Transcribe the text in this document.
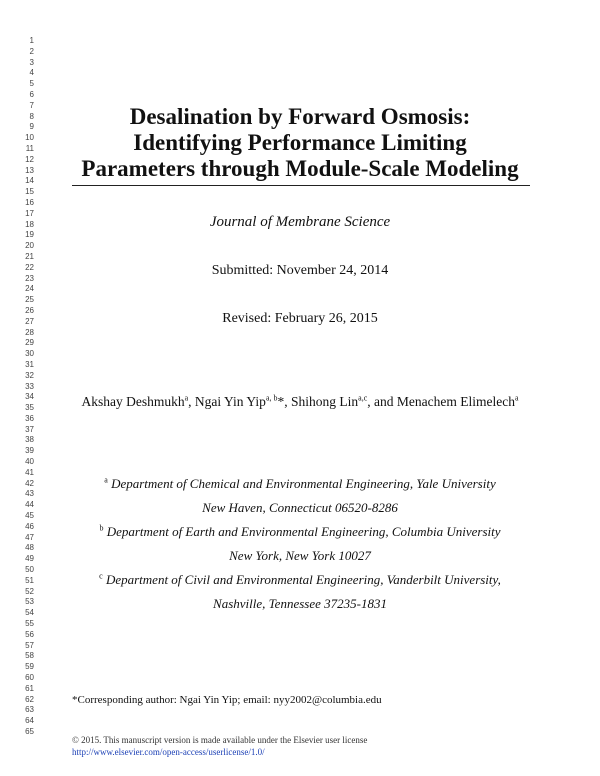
1
2
3
4
5
6
7
8
9
10
11
12
13
14
15
16
17
18
19
20
21
22
23
24
25
26
27
28
29
30
31
32
33
34
35
36
37
38
39
40
41
42
43
44
45
46
47
48
49
50
51
52
53
54
55
56
57
58
59
60
61
62
63
64
65
Desalination by Forward Osmosis:
Identifying Performance Limiting
Parameters through Module-Scale Modeling
Journal of Membrane Science
Submitted: November 24, 2014
Revised: February 26, 2015
Akshay Deshmukh$^a$, Ngai Yin Yip$^{a, b}$*, Shihong Lin$^{a,c}$, and Menachem Elimelech$^a$
$^a$ Department of Chemical and Environmental Engineering, Yale University
New Haven, Connecticut 06520-8286
$^b$ Department of Earth and Environmental Engineering, Columbia University
New York, New York 10027
$^c$ Department of Civil and Environmental Engineering, Vanderbilt University,
Nashville, Tennessee 37235-1831
*Corresponding author: Ngai Yin Yip; email: nyy2002@columbia.edu
© 2015. This manuscript version is made available under the Elsevier user license
http://www.elsevier.com/open-access/userlicense/1.0/
